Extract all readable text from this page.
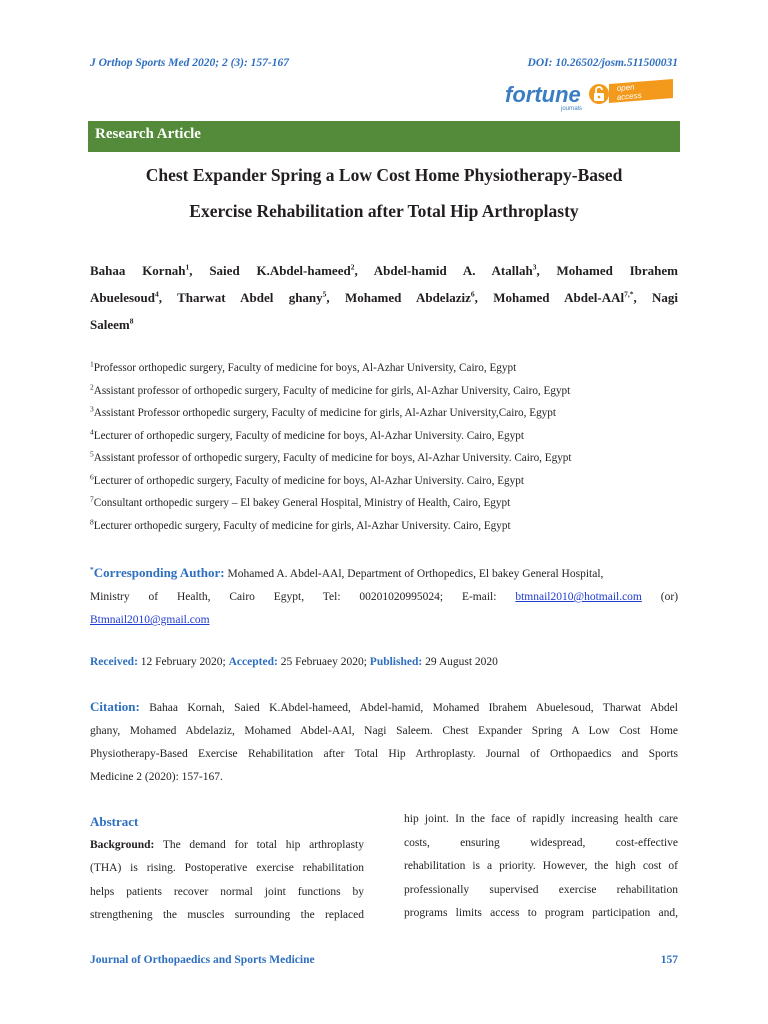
J Orthop Sports Med 2020; 2 (3): 157-167	DOI: 10.26502/josm.511500031
fortune
journals
open
access
Research Article
Chest Expander Spring a Low Cost Home Physiotherapy-Based
Exercise Rehabilitation after Total Hip Arthroplasty
Bahaa Kornah$^1$, Saied K.Abdel-hameed$^2$, Abdel-hamid A. Atallah$^3$, Mohamed Ibrahem
Abuelesoud$^4$, Tharwat Abdel ghany$^5$, Mohamed Abdelaziz$^6$, Mohamed Abdel-AAl$^{7,*}$, Nagi
Saleem$^8$
$^1$Professor orthopedic surgery, Faculty of medicine for boys, Al-Azhar University, Cairo, Egypt
$^2$Assistant professor of orthopedic surgery, Faculty of medicine for girls, Al-Azhar University, Cairo, Egypt
$^3$Assistant Professor orthopedic surgery, Faculty of medicine for girls, Al-Azhar University,Cairo, Egypt
$^4$Lecturer of orthopedic surgery, Faculty of medicine for boys, Al-Azhar University. Cairo, Egypt
$^5$Assistant professor of orthopedic surgery, Faculty of medicine for boys, Al-Azhar University. Cairo, Egypt
$^6$Lecturer of orthopedic surgery, Faculty of medicine for boys, Al-Azhar University. Cairo, Egypt
$^7$Consultant orthopedic surgery – El bakey General Hospital, Ministry of Health, Cairo, Egypt
$^8$Lecturer orthopedic surgery, Faculty of medicine for girls, Al-Azhar University. Cairo, Egypt
*Corresponding Author: Mohamed A. Abdel-AAl, Department of Orthopedics, El bakey General Hospital,
Ministry of Health, Cairo Egypt, Tel: 00201020995024; E-mail: btmnail2010@hotmail.com (or)
Btmnail2010@gmail.com
Received: 12 February 2020; Accepted: 25 Februaey 2020; Published: 29 August 2020
Citation: Bahaa Kornah, Saied K.Abdel-hameed, Abdel-hamid, Mohamed Ibrahem Abuelesoud, Tharwat Abdel
ghany, Mohamed Abdelaziz, Mohamed Abdel-AAl, Nagi Saleem. Chest Expander Spring A Low Cost Home
Physiotherapy-Based Exercise Rehabilitation after Total Hip Arthroplasty. Journal of Orthopaedics and Sports
Medicine 2 (2020): 157-167.
Abstract
Background: The demand for total hip arthroplasty
(THA) is rising. Postoperative exercise rehabilitation
helps patients recover normal joint functions by
strengthening the muscles surrounding the replaced
hip joint. In the face of rapidly increasing health care
costs, ensuring widespread, cost-effective
rehabilitation is a priority. However, the high cost of
professionally supervised exercise rehabilitation
programs limits access to program participation and,
Journal of Orthopaedics and Sports Medicine	157
